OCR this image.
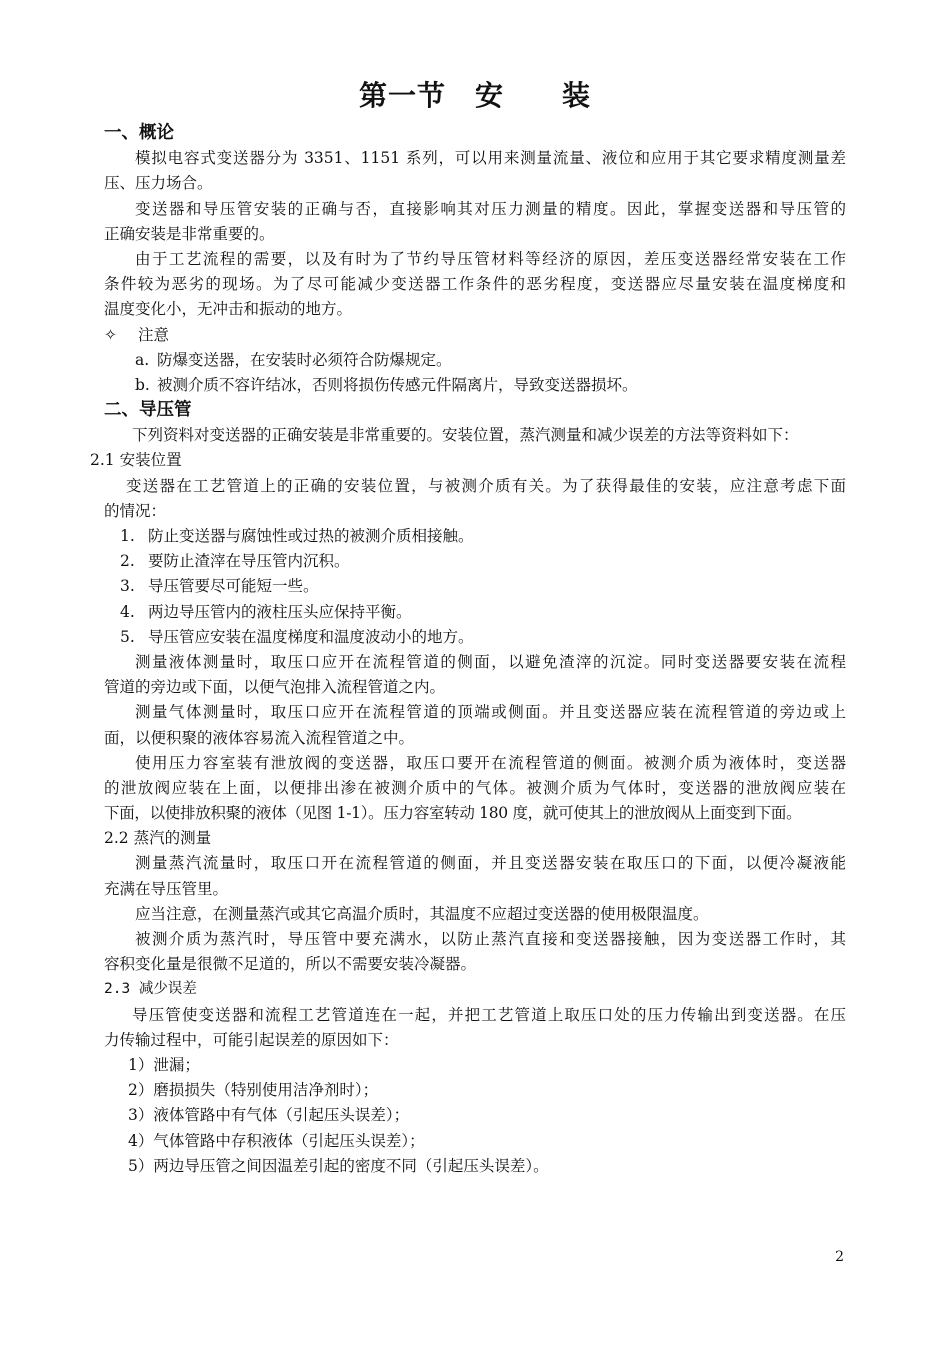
第一节　安　　装
一、概论
模拟电容式变送器分为 3351、1151 系列，可以用来测量流量、液位和应用于其它要求精度测量差
压、压力场合。
变送器和导压管安装的正确与否，直接影响其对压力测量的精度。因此，掌握变送器和导压管的
正确安装是非常重要的。
由于工艺流程的需要，以及有时为了节约导压管材料等经济的原因，差压变送器经常安装在工作
条件较为恶劣的现场。为了尽可能减少变送器工作条件的恶劣程度，变送器应尽量安装在温度梯度和
温度变化小，无冲击和振动的地方。
✧ 注意
a. 防爆变送器，在安装时必须符合防爆规定。
b. 被测介质不容许结冰，否则将损伤传感元件隔离片，导致变送器损坏。
二、导压管
下列资料对变送器的正确安装是非常重要的。安装位置，蒸汽测量和减少误差的方法等资料如下：
2.1 安装位置
变送器在工艺管道上的正确的安装位置，与被测介质有关。为了获得最佳的安装，应注意考虑下面
的情况：
1. 防止变送器与腐蚀性或过热的被测介质相接触。
2. 要防止渣滓在导压管内沉积。
3. 导压管要尽可能短一些。
4. 两边导压管内的液柱压头应保持平衡。
5. 导压管应安装在温度梯度和温度波动小的地方。
测量液体测量时，取压口应开在流程管道的侧面，以避免渣滓的沉淀。同时变送器要安装在流程
管道的旁边或下面，以便气泡排入流程管道之内。
测量气体测量时，取压口应开在流程管道的顶端或侧面。并且变送器应装在流程管道的旁边或上
面，以便积聚的液体容易流入流程管道之中。
使用压力容室装有泄放阀的变送器，取压口要开在流程管道的侧面。被测介质为液体时，变送器
的泄放阀应装在上面，以便排出渗在被测介质中的气体。被测介质为气体时，变送器的泄放阀应装在
下面，以使排放积聚的液体（见图 1-1）。压力容室转动 180 度，就可使其上的泄放阀从上面变到下面。
2.2 蒸汽的测量
测量蒸汽流量时，取压口开在流程管道的侧面，并且变送器安装在取压口的下面，以便冷凝液能
充满在导压管里。
应当注意，在测量蒸汽或其它高温介质时，其温度不应超过变送器的使用极限温度。
被测介质为蒸汽时，导压管中要充满水，以防止蒸汽直接和变送器接触，因为变送器工作时，其
容积变化量是很微不足道的，所以不需要安装冷凝器。
2.3 减少误差
导压管使变送器和流程工艺管道连在一起，并把工艺管道上取压口处的压力传输出到变送器。在压
力传输过程中，可能引起误差的原因如下：
1）泄漏；
2）磨损损失（特别使用洁净剂时）；
3）液体管路中有气体（引起压头误差）；
4）气体管路中存积液体（引起压头误差）；
5）两边导压管之间因温差引起的密度不同（引起压头误差）。
2
